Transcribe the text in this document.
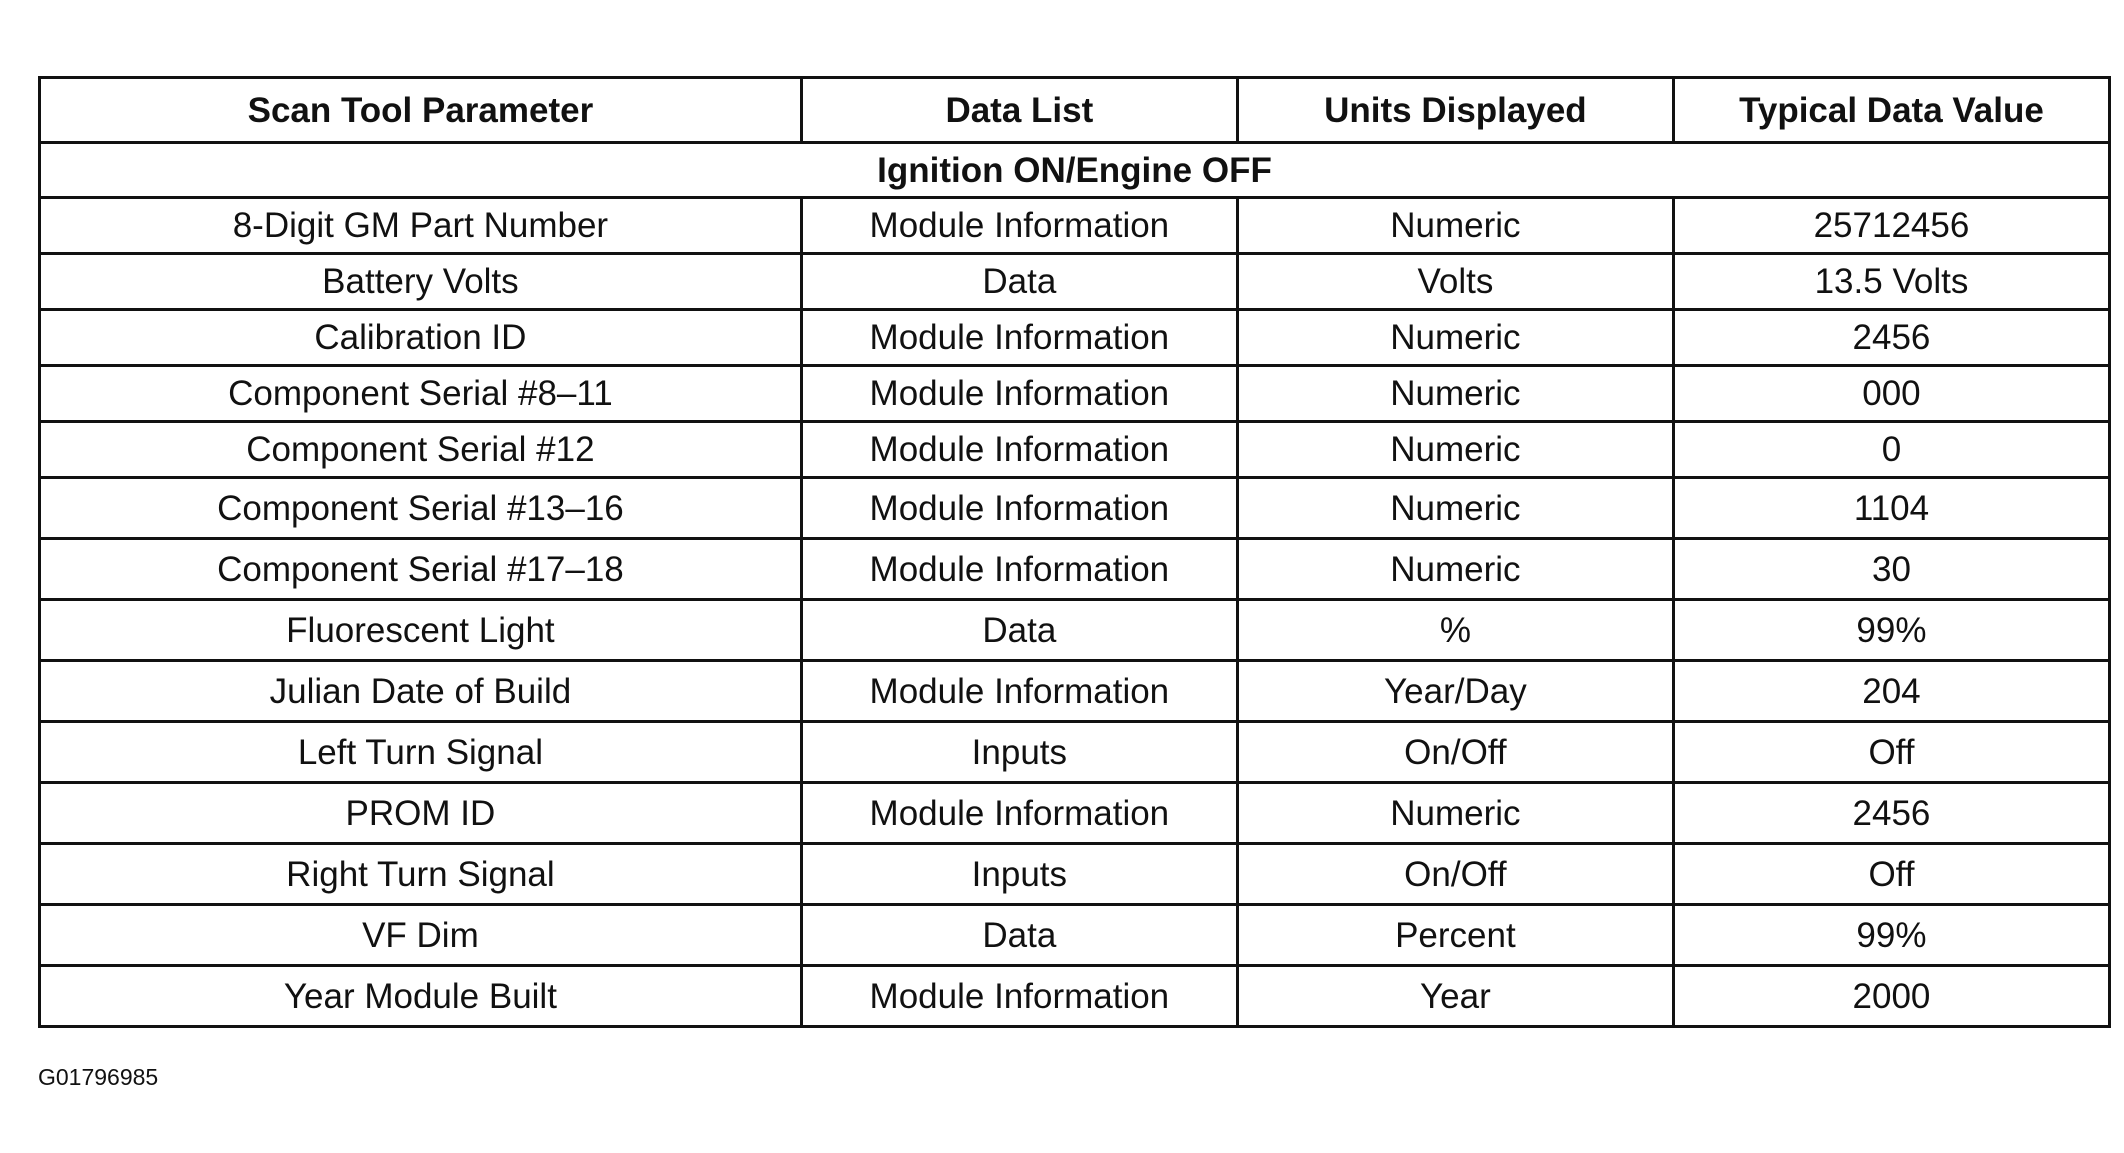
Scan Tool Parameter	Data List	Units Displayed	Typical Data Value
Ignition ON/Engine OFF			
8-Digit GM Part Number	Module Information	Numeric	25712456
Battery Volts	Data	Volts	13.5 Volts
Calibration ID	Module Information	Numeric	2456
Component Serial #8–11	Module Information	Numeric	000
Component Serial #12	Module Information	Numeric	0
Component Serial #13–16	Module Information	Numeric	1104
Component Serial #17–18	Module Information	Numeric	30
Fluorescent Light	Data	%	99%
Julian Date of Build	Module Information	Year/Day	204
Left Turn Signal	Inputs	On/Off	Off
PROM ID	Module Information	Numeric	2456
Right Turn Signal	Inputs	On/Off	Off
VF Dim	Data	Percent	99%
Year Module Built	Module Information	Year	2000
G01796985
